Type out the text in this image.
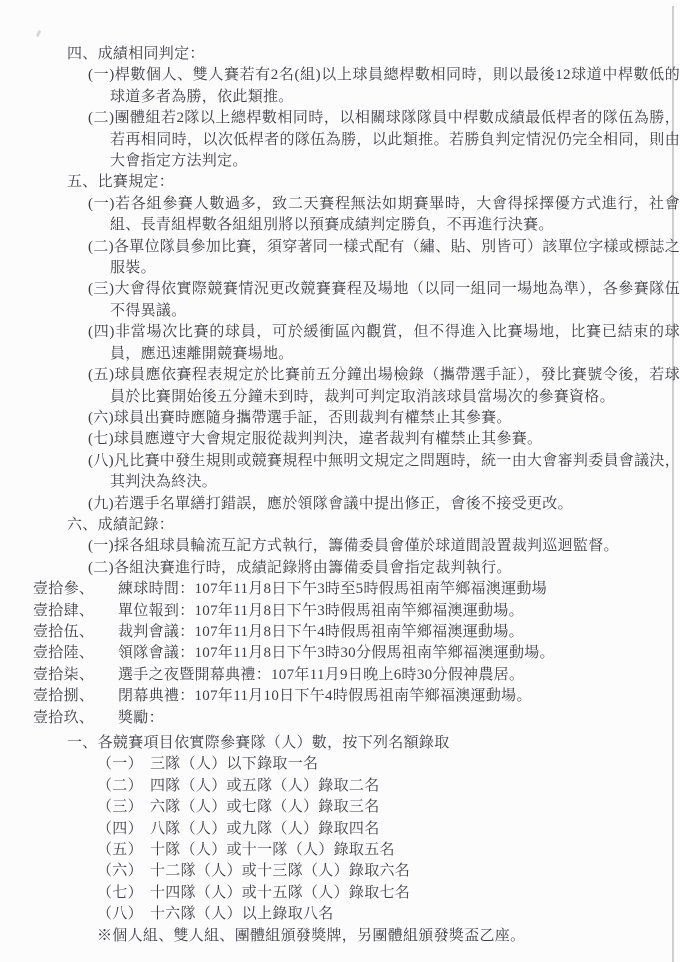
四、成績相同判定：

(一)桿數個人、雙人賽若有2名(組)以上球員總桿數相同時，則以最後12球道中桿數低的球道多者為勝，依此類推。

(二)團體組若2隊以上總桿數相同時，以相關球隊隊員中桿數成績最低桿者的隊伍為勝，若再相同時，以次低桿者的隊伍為勝，以此類推。若勝負判定情況仍完全相同，則由大會指定方法判定。

五、比賽規定：

(一)若各組參賽人數過多，致二天賽程無法如期賽畢時，大會得採擇優方式進行，社會組、長青組桿數各組組別將以預賽成績判定勝負，不再進行決賽。

(二)各單位隊員參加比賽，須穿著同一樣式配有（繡、貼、別皆可）該單位字樣或標誌之服裝。

(三)大會得依實際競賽情況更改競賽賽程及場地（以同一組同一場地為準），各參賽隊伍不得異議。

(四)非當場次比賽的球員，可於緩衝區內觀賞，但不得進入比賽場地，比賽已結束的球員，應迅速離開競賽場地。

(五)球員應依賽程表規定於比賽前五分鐘出場檢錄（攜帶選手証），發比賽號令後，若球員於比賽開始後五分鐘未到時，裁判可判定取消該球員當場次的參賽資格。

(六)球員出賽時應隨身攜帶選手証，否則裁判有權禁止其參賽。

(七)球員應遵守大會規定服從裁判判決，違者裁判有權禁止其參賽。

(八)凡比賽中發生規則或競賽規程中無明文規定之問題時，統一由大會審判委員會議決，其判決為終決。

(九)若選手名單繕打錯誤，應於領隊會議中提出修正，會後不接受更改。

六、成績記錄：

(一)採各組球員輪流互記方式執行，籌備委員會僅於球道間設置裁判巡迴監督。

(二)各組決賽進行時，成績記錄將由籌備委員會指定裁判執行。

壹拾參、	練球時間：107年11月8日下午3時至5時假馬祖南竿鄉福澳運動場
壹拾肆、	單位報到：107年11月8日下午3時假馬祖南竿鄉福澳運動場。
壹拾伍、	裁判會議：107年11月8日下午4時假馬祖南竿鄉福澳運動場。
壹拾陸、	領隊會議：107年11月8日下午3時30分假馬祖南竿鄉福澳運動場。
壹拾柒、	選手之夜暨開幕典禮：107年11月9日晚上6時30分假神農居。
壹拾捌、	閉幕典禮：107年11月10日下午4時假馬祖南竿鄉福澳運動場。
壹拾玖、	獎勵：
一、各競賽項目依實際參賽隊（人）數，按下列名額錄取
（一） 三隊（人）以下錄取一名
（二） 四隊（人）或五隊（人）錄取二名
（三） 六隊（人）或七隊（人）錄取三名
（四） 八隊（人）或九隊（人）錄取四名
（五） 十隊（人）或十一隊（人）錄取五名
（六） 十二隊（人）或十三隊（人）錄取六名
（七） 十四隊（人）或十五隊（人）錄取七名
（八） 十六隊（人）以上錄取八名
※個人組、雙人組、團體組頒發獎牌，另團體組頒發獎盃乙座。
